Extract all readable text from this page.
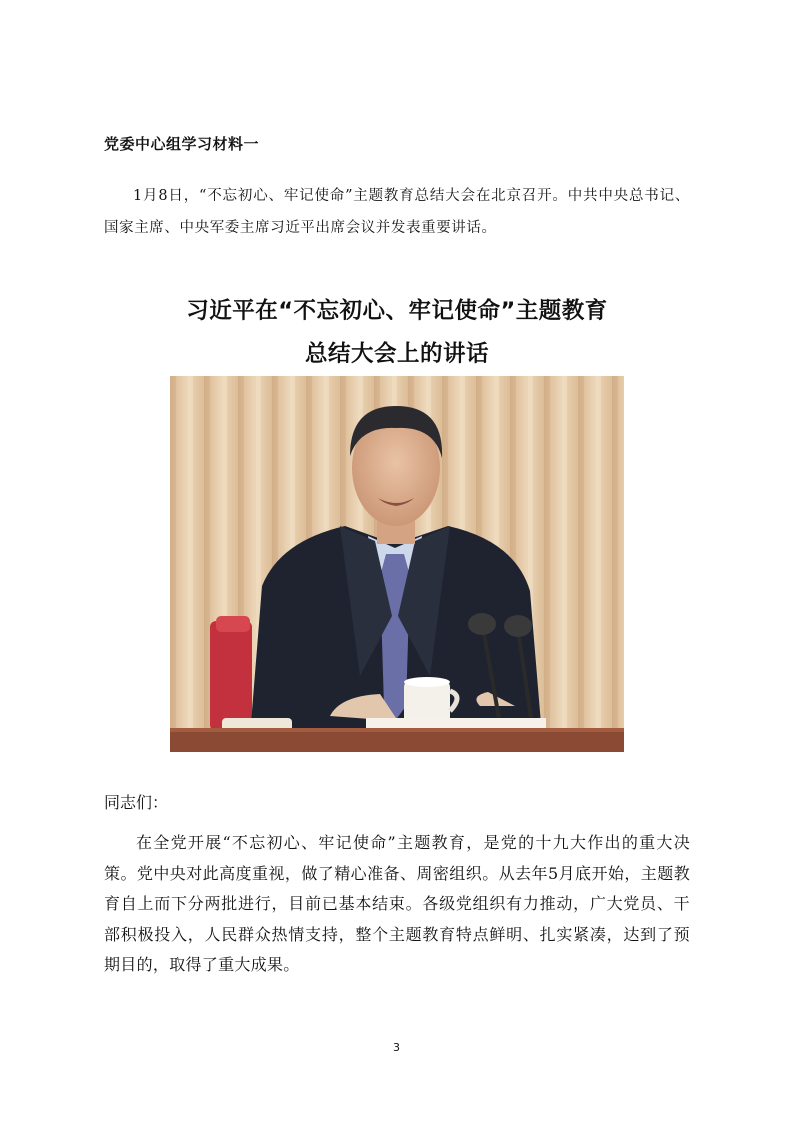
党委中心组学习材料一

1月8日，“不忘初心、牢记使命”主题教育总结大会在北京召开。中共中央总书记、国家主席、中央军委主席习近平出席会议并发表重要讲话。

习近平在“不忘初心、牢记使命”主题教育
总结大会上的讲话

同志们：

在全党开展“不忘初心、牢记使命”主题教育，是党的十九大作出的重大决策。党中央对此高度重视，做了精心准备、周密组织。从去年5月底开始，主题教育自上而下分两批进行，目前已基本结束。各级党组织有力推动，广大党员、干部积极投入，人民群众热情支持，整个主题教育特点鲜明、扎实紧凑，达到了预期目的，取得了重大成果。

3
